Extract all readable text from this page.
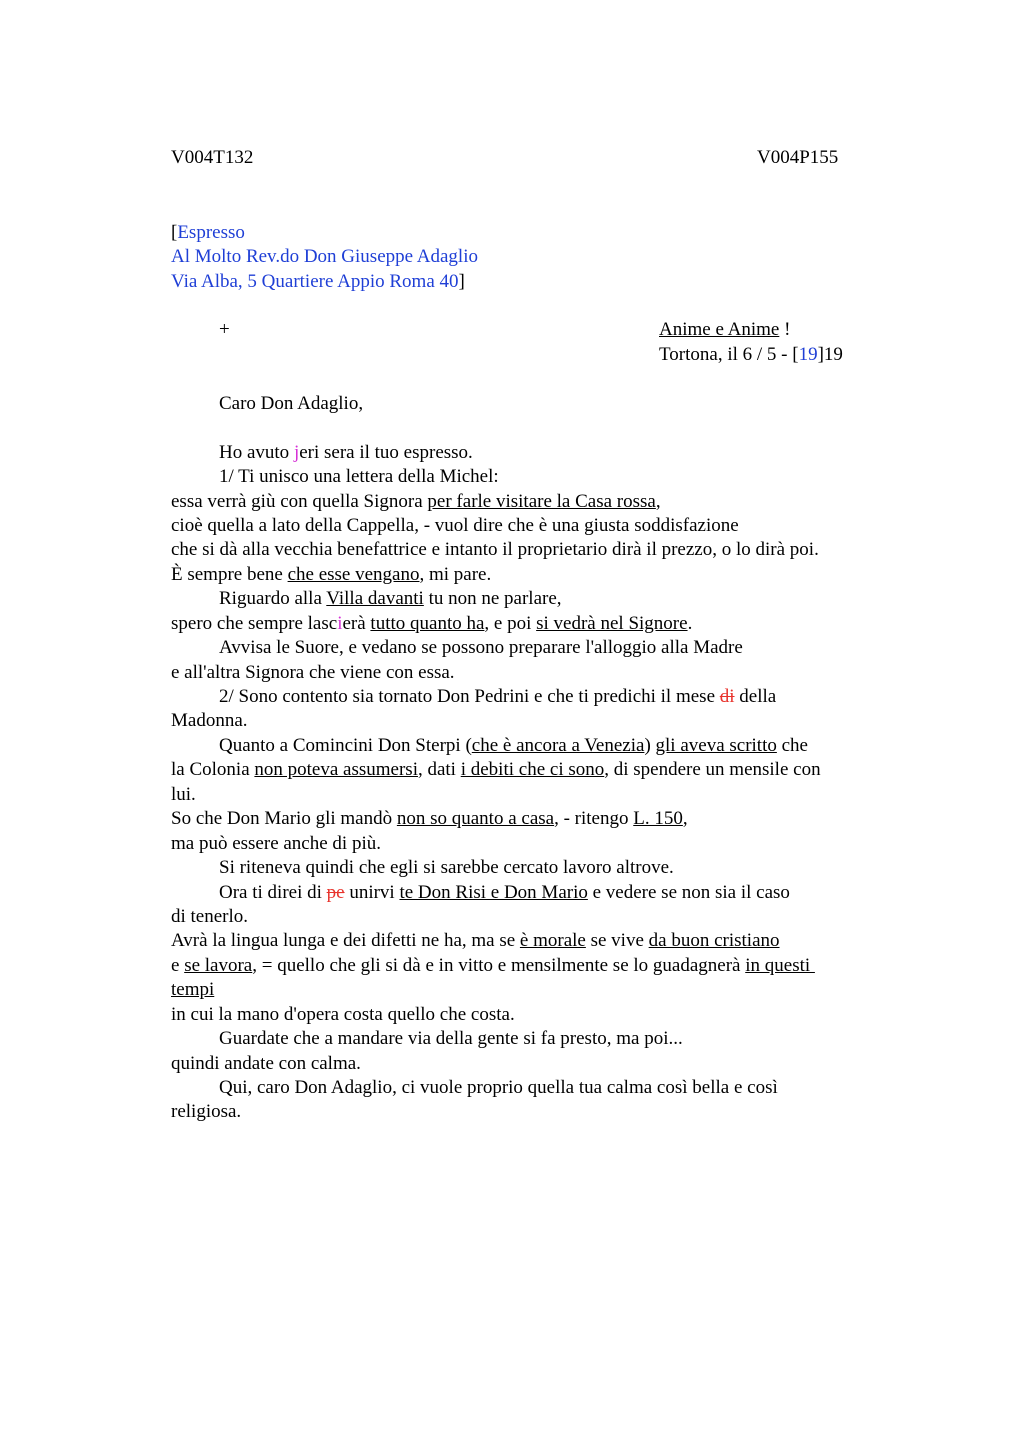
V004T132	V004P155
[Espresso
Al Molto Rev.do Don Giuseppe Adaglio
Via Alba, 5 Quartiere Appio Roma 40]
+	Anime e Anime !
Tortona, il 6 / 5 - [19]19
Caro Don Adaglio,
Ho avuto jeri sera il tuo espresso.
1/ Ti unisco una lettera della Michel:
essa verrà giù con quella Signora per farle visitare la Casa rossa,
cioè quella a lato della Cappella, - vuol dire che è una giusta soddisfazione
che si dà alla vecchia benefattrice e intanto il proprietario dirà il prezzo, o lo dirà poi.
È sempre bene che esse vengano, mi pare.
Riguardo alla Villa davanti tu non ne parlare,
spero che sempre lascierà tutto quanto ha, e poi si vedrà nel Signore.
Avvisa le Suore, e vedano se possono preparare l'alloggio alla Madre
e all'altra Signora che viene con essa.
2/ Sono contento sia tornato Don Pedrini e che ti predichi il mese di della
Madonna.
Quanto a Comincini Don Sterpi (che è ancora a Venezia) gli aveva scritto che
la Colonia non poteva assumersi, dati i debiti che ci sono, di spendere un mensile con
lui.
So che Don Mario gli mandò non so quanto a casa, - ritengo L. 150,
ma può essere anche di più.
Si riteneva quindi che egli si sarebbe cercato lavoro altrove.
Ora ti direi di pe unirvi te Don Risi e Don Mario e vedere se non sia il caso
di tenerlo.
Avrà la lingua lunga e dei difetti ne ha, ma se è morale se vive da buon cristiano
e se lavora, = quello che gli si dà e in vitto e mensilmente se lo guadagnerà in questi
tempi
in cui la mano d'opera costa quello che costa.
Guardate che a mandare via della gente si fa presto, ma poi...
quindi andate con calma.
Qui, caro Don Adaglio, ci vuole proprio quella tua calma così bella e così
religiosa.
